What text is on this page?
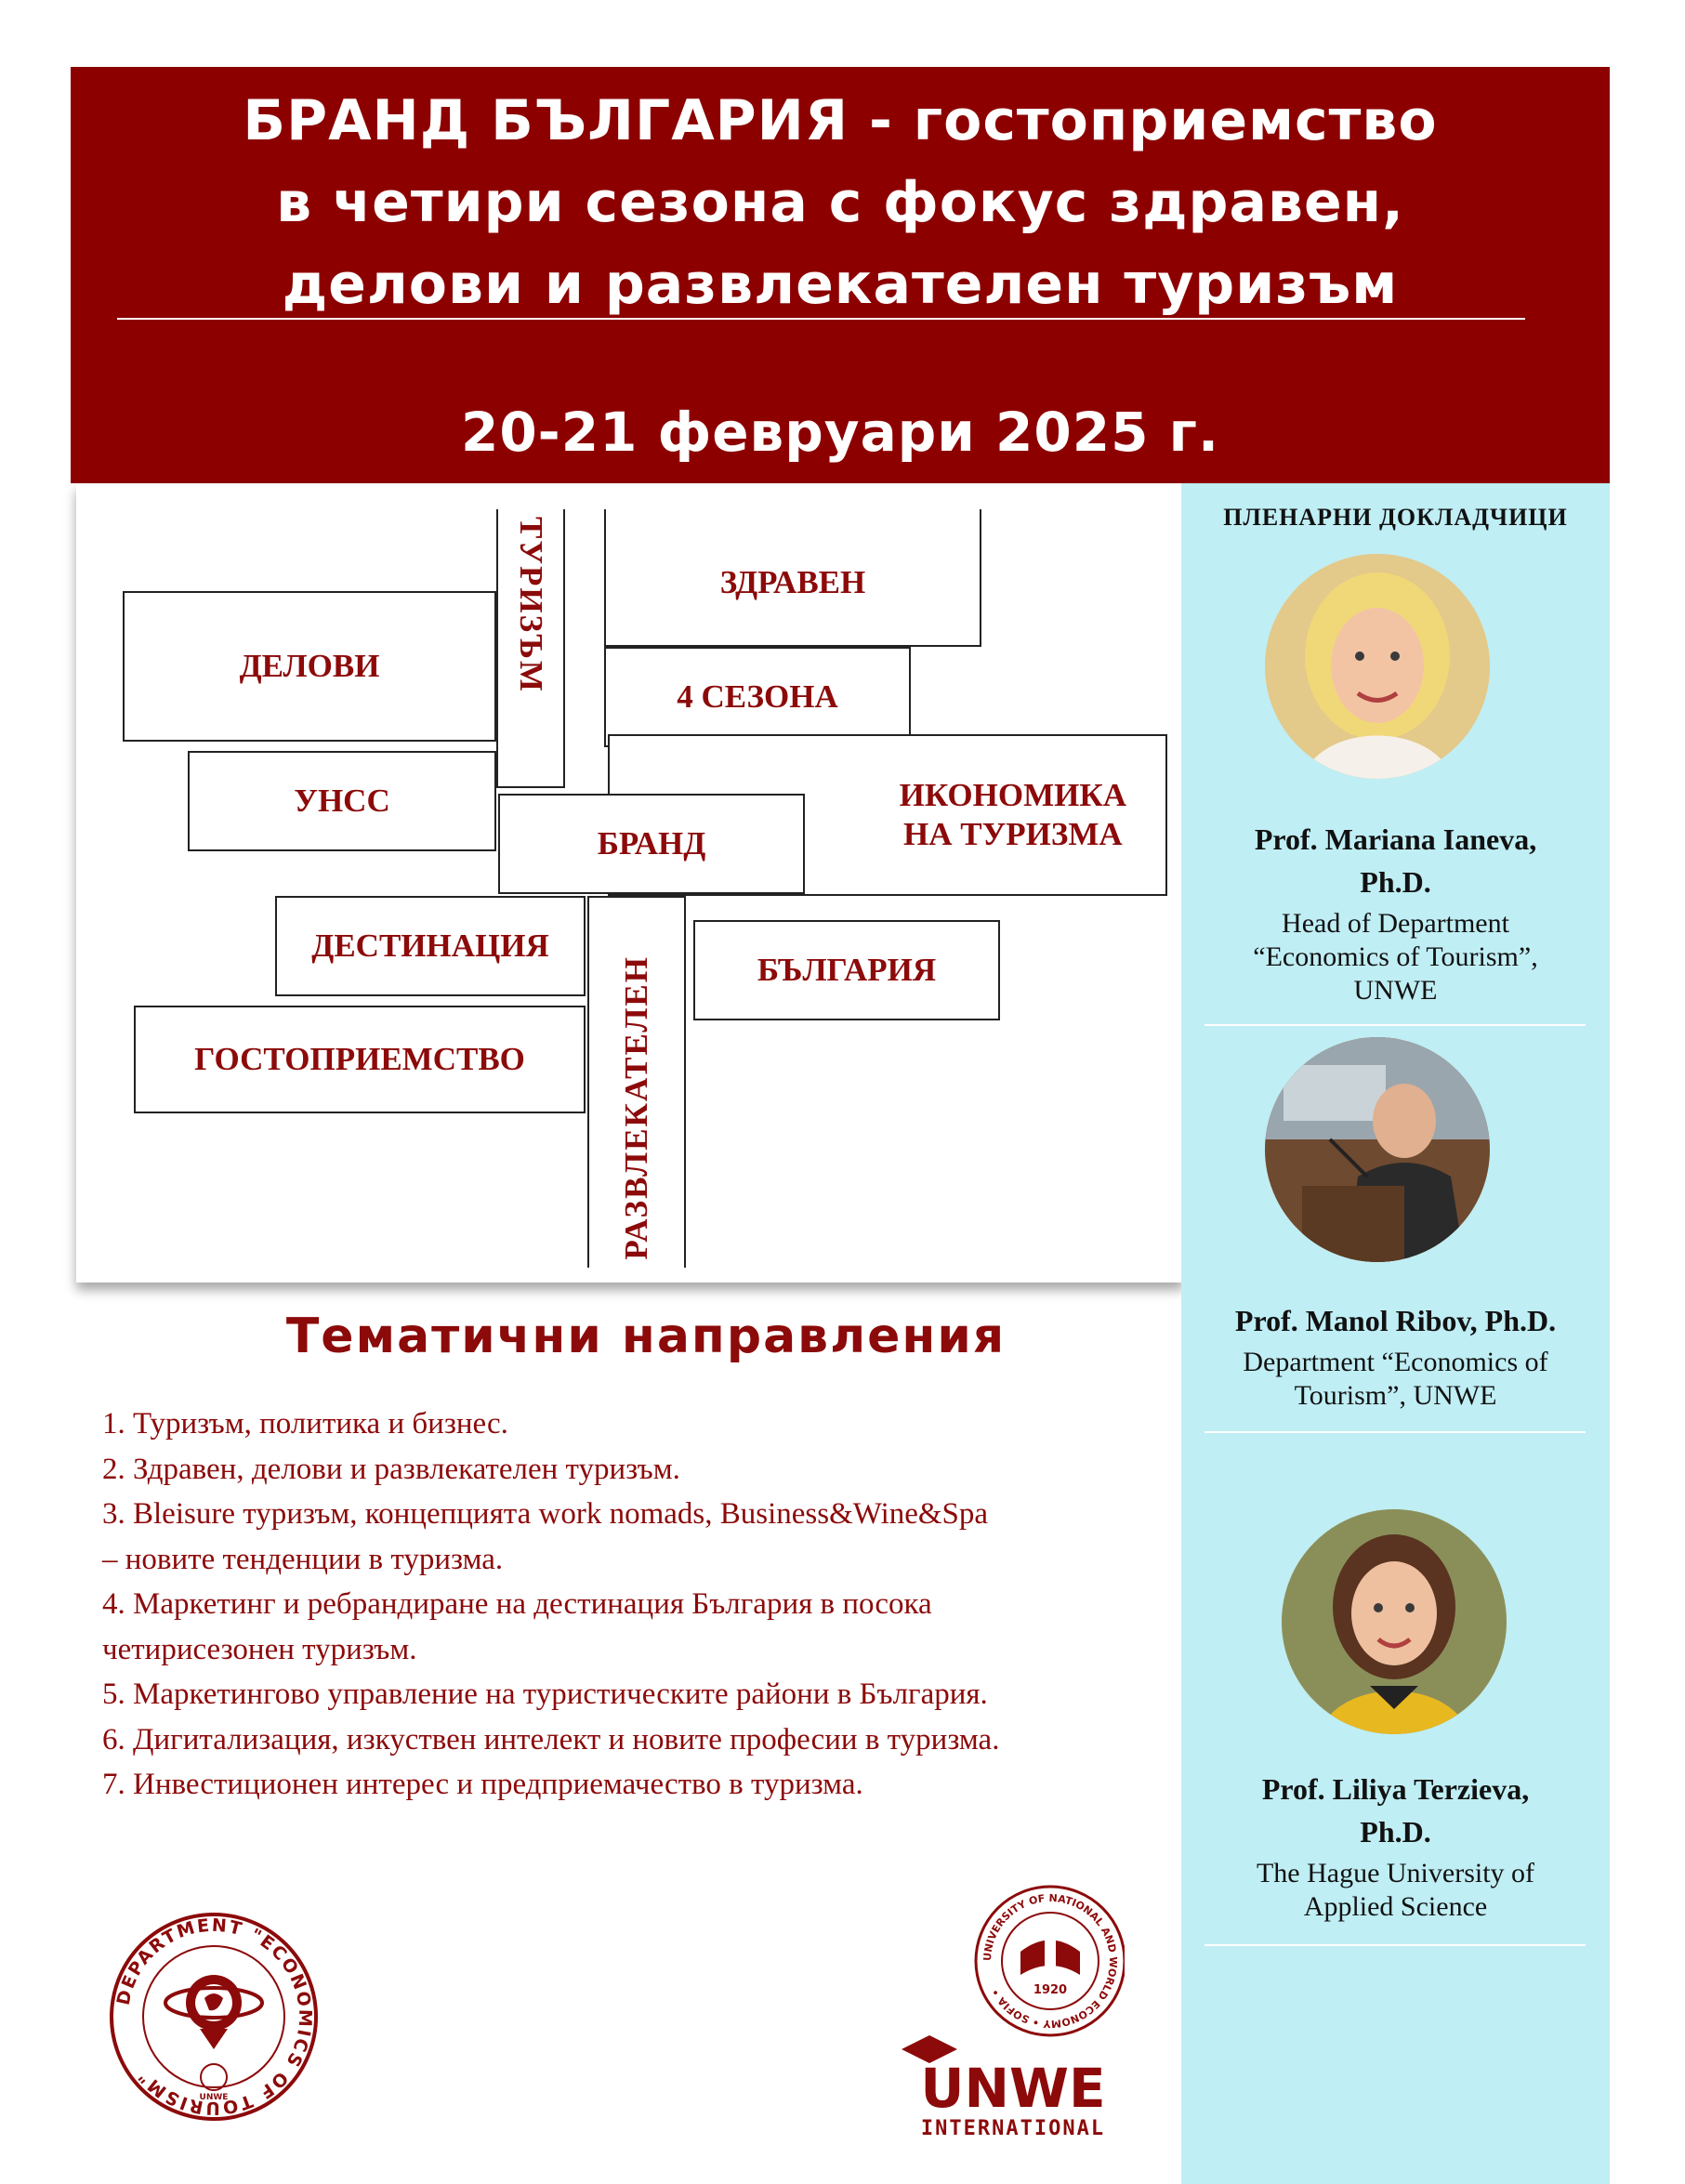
БРАНД БЪЛГАРИЯ - гостоприемство
в четири сезона с фокус здравен,
делови и развлекателен туризъм
20-21 февруари 2025 г.
ТУРИЗЪМ	ЗДРАВЕН
ДЕЛОВИ
4 СЕЗОНА
УНСС	ИКОНОМИКА
НА ТУРИЗМА
БРАНД
ДЕСТИНАЦИЯ
РАЗВЛЕКАТЕЛЕН	БЪЛГАРИЯ
ГОСТОПРИЕМСТВО
Тематични направления
1. Туризъм, политика и бизнес.
2. Здравен, делови и развлекателен туризъм.
3. Bleisure туризъм, концепцията work nomads, Business&Wine&Spa
– новите тенденции в туризма.
4. Маркетинг и ребрандиране на дестинация България в посока
четирисезонен туризъм.
5. Маркетингово управление на туристическите райони в България.
6. Дигитализация, изкуствен интелект и новите професии в туризма.
7. Инвестиционен интерес и предприемачество в туризма.
ПЛЕНАРНИ ДОКЛАДЧИЦИ
Prof. Mariana Ianeva,
Ph.D.
Head of Department
“Economics of Tourism”,
UNWE
Prof. Manol Ribov, Ph.D.
Department “Economics of
Tourism”, UNWE
Prof. Liliya Terzieva,
Ph.D.
The Hague University of
Applied Science
DEPARTMENT "ECONOMICS OF TOURISM"
UNWE
UNIVERSITY OF NATIONAL AND WORLD ECONOMY • SOFIA •	1920
UNWE
INTERNATIONAL
